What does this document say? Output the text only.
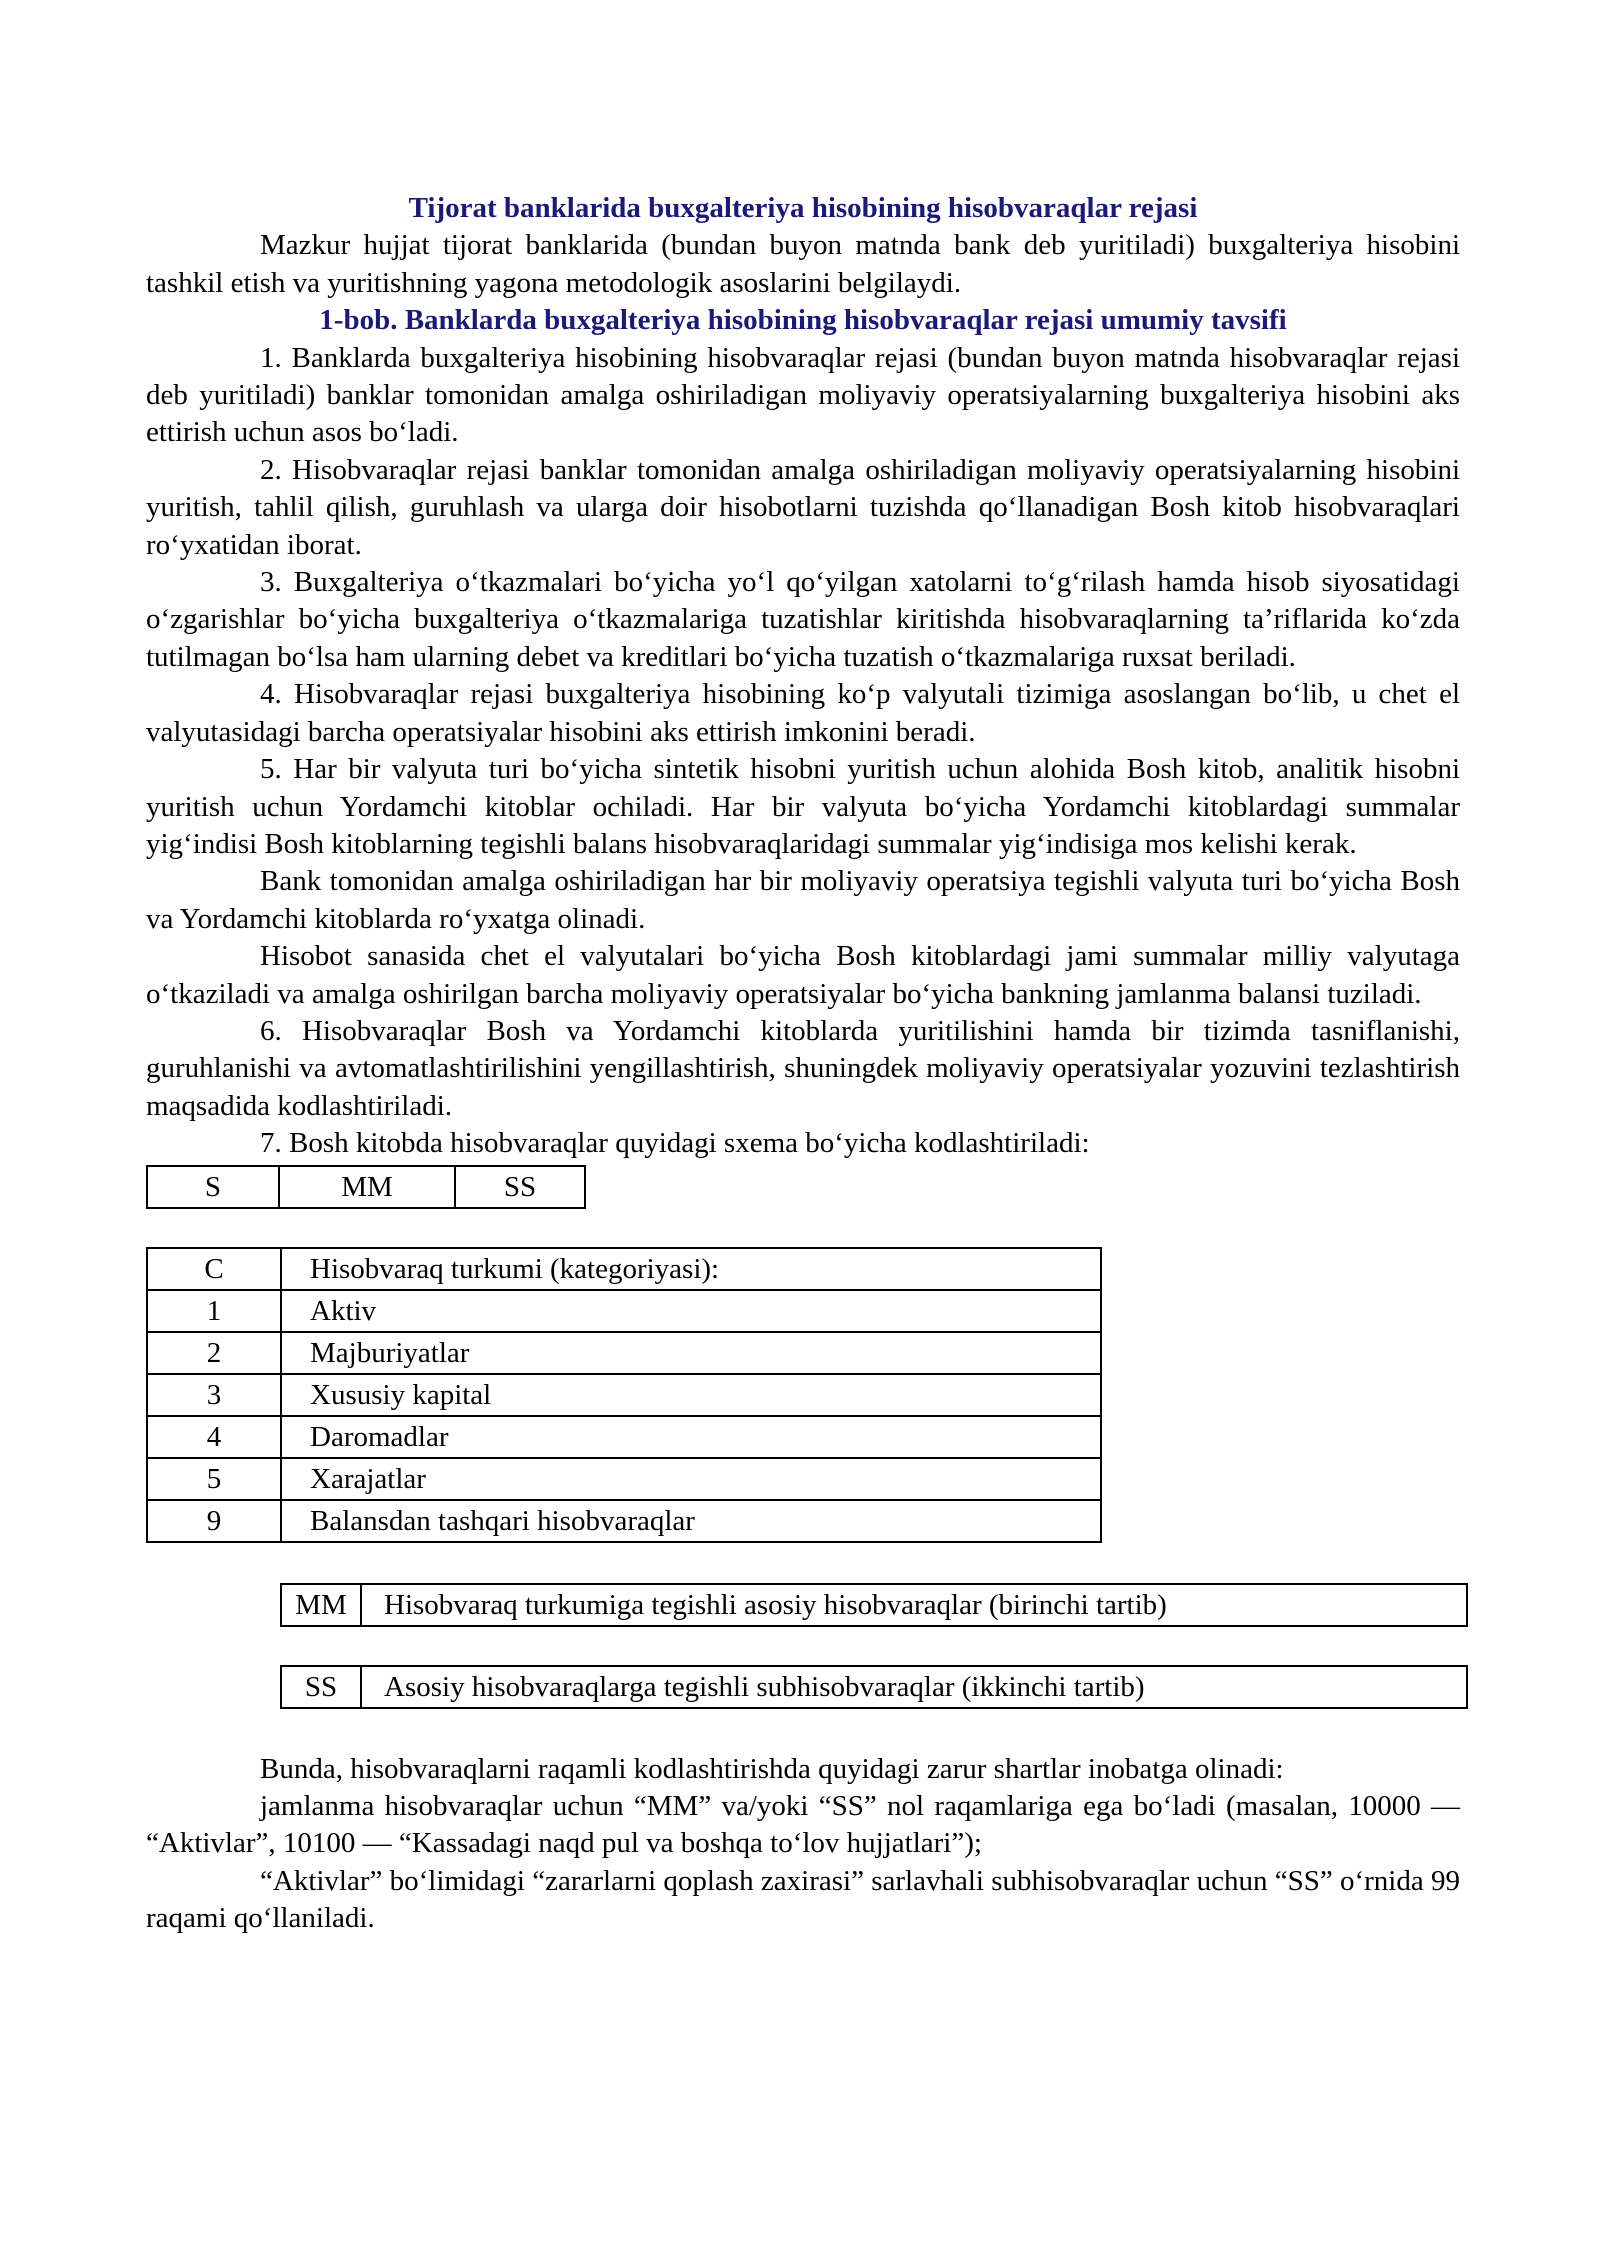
Tijorat banklarida buxgalteriya hisobining hisobvaraqlar rejasi

Mazkur hujjat tijorat banklarida (bundan buyon matnda bank deb yuritiladi) buxgalteriya hisobini tashkil etish va yuritishning yagona metodologik asoslarini belgilaydi.

1-bob. Banklarda buxgalteriya hisobining hisobvaraqlar rejasi umumiy tavsifi

1. Banklarda buxgalteriya hisobining hisobvaraqlar rejasi (bundan buyon matnda hisobvaraqlar rejasi deb yuritiladi) banklar tomonidan amalga oshiriladigan moliyaviy operatsiyalarning buxgalteriya hisobini aks ettirish uchun asos bo‘ladi.

2. Hisobvaraqlar rejasi banklar tomonidan amalga oshiriladigan moliyaviy operatsiyalarning hisobini yuritish, tahlil qilish, guruhlash va ularga doir hisobotlarni tuzishda qo‘llanadigan Bosh kitob hisobvaraqlari ro‘yxatidan iborat.

3. Buxgalteriya o‘tkazmalari bo‘yicha yo‘l qo‘yilgan xatolarni to‘g‘rilash hamda hisob siyosatidagi o‘zgarishlar bo‘yicha buxgalteriya o‘tkazmalariga tuzatishlar kiritishda hisobvaraqlarning ta’riflarida ko‘zda tutilmagan bo‘lsa ham ularning debet va kreditlari bo‘yicha tuzatish o‘tkazmalariga ruxsat beriladi.

4. Hisobvaraqlar rejasi buxgalteriya hisobining ko‘p valyutali tizimiga asoslangan bo‘lib, u chet el valyutasidagi barcha operatsiyalar hisobini aks ettirish imkonini beradi.

5. Har bir valyuta turi bo‘yicha sintetik hisobni yuritish uchun alohida Bosh kitob, analitik hisobni yuritish uchun Yordamchi kitoblar ochiladi. Har bir valyuta bo‘yicha Yordamchi kitoblardagi summalar yig‘indisi Bosh kitoblarning tegishli balans hisobvaraqlaridagi summalar yig‘indisiga mos kelishi kerak.

Bank tomonidan amalga oshiriladigan har bir moliyaviy operatsiya tegishli valyuta turi bo‘yicha Bosh va Yordamchi kitoblarda ro‘yxatga olinadi.

Hisobot sanasida chet el valyutalari bo‘yicha Bosh kitoblardagi jami summalar milliy valyutaga o‘tkaziladi va amalga oshirilgan barcha moliyaviy operatsiyalar bo‘yicha bankning jamlanma balansi tuziladi.

6. Hisobvaraqlar Bosh va Yordamchi kitoblarda yuritilishini hamda bir tizimda tasniflanishi, guruhlanishi va avtomatlashtirilishini yengillashtirish, shuningdek moliyaviy operatsiyalar yozuvini tezlashtirish maqsadida kodlashtiriladi.

7. Bosh kitobda hisobvaraqlar quyidagi sxema bo‘yicha kodlashtiriladi:

S	MM	SS
C	Hisobvaraq turkumi (kategoriyasi):
1	Aktiv
2	Majburiyatlar
3	Xususiy kapital
4	Daromadlar
5	Xarajatlar
9	Balansdan tashqari hisobvaraqlar
MM	Hisobvaraq turkumiga tegishli asosiy hisobvaraqlar (birinchi tartib)
SS	Asosiy hisobvaraqlarga tegishli subhisobvaraqlar (ikkinchi tartib)

Bunda, hisobvaraqlarni raqamli kodlashtirishda quyidagi zarur shartlar inobatga olinadi:

jamlanma hisobvaraqlar uchun “MM” va/yoki “SS” nol raqamlariga ega bo‘ladi (masalan, 10000 — “Aktivlar”, 10100 — “Kassadagi naqd pul va boshqa to‘lov hujjatlari”);

“Aktivlar” bo‘limidagi “zararlarni qoplash zaxirasi” sarlavhali subhisobvaraqlar uchun “SS” o‘rnida 99 raqami qo‘llaniladi.
